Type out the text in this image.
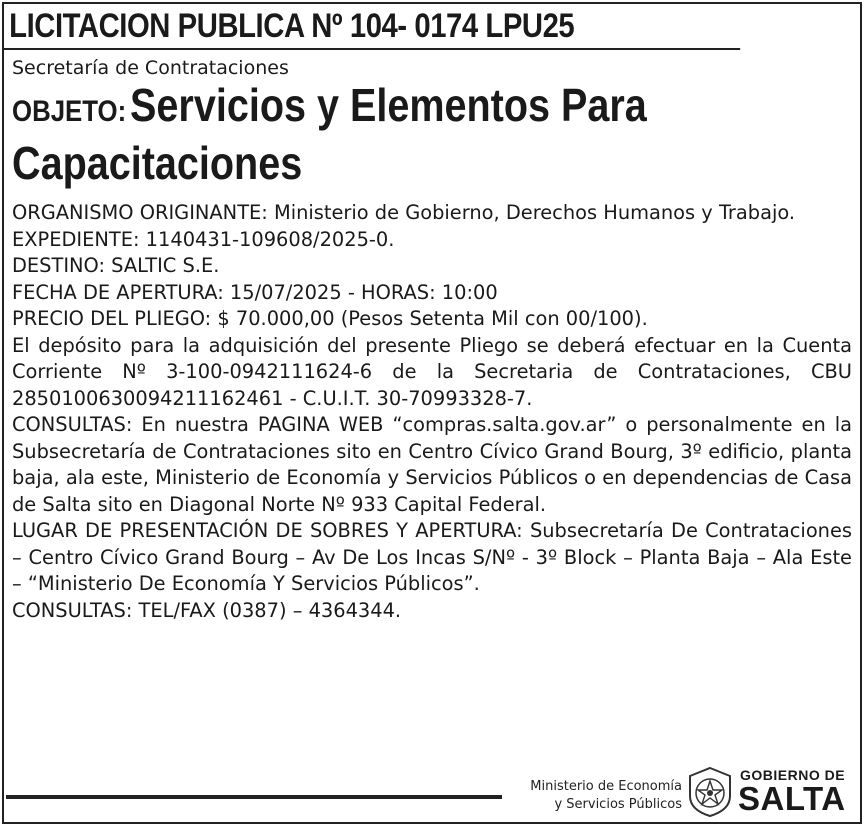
LICITACION PUBLICA Nº 104- 0174 LPU25
Secretaría de Contrataciones
OBJETO: Servicios y Elementos Para Capacitaciones

ORGANISMO ORIGINANTE: Ministerio de Gobierno, Derechos Humanos y Trabajo.

EXPEDIENTE: 1140431-109608/2025-0.

DESTINO: SALTIC S.E.

FECHA DE APERTURA: 15/07/2025 - HORAS: 10:00

PRECIO DEL PLIEGO: $ 70.000,00 (Pesos Setenta Mil con 00/100).

El depósito para la adquisición del presente Pliego se deberá efectuar en la Cuenta Corriente Nº 3-100-0942111624-6 de la Secretaria de Contrataciones, CBU 2850100630094211162461 - C.U.I.T. 30-70993328-7.

CONSULTAS: En nuestra PAGINA WEB “compras.salta.gov.ar” o personalmente en la Subsecretaría de Contrataciones sito en Centro Cívico Grand Bourg, 3º edificio, planta baja, ala este, Ministerio de Economía y Servicios Públicos o en dependencias de Casa de Salta sito en Diagonal Norte Nº 933 Capital Federal.

LUGAR DE PRESENTACIÓN DE SOBRES Y APERTURA: Subsecretaría De Contrataciones – Centro Cívico Grand Bourg – Av De Los Incas S/Nº - 3º Block – Planta Baja – Ala Este – “Ministerio De Economía Y Servicios Públicos”.

CONSULTAS: TEL/FAX (0387) – 4364344.

Ministerio de Economía
y Servicios Públicos
GOBIERNO DE
SALTA
